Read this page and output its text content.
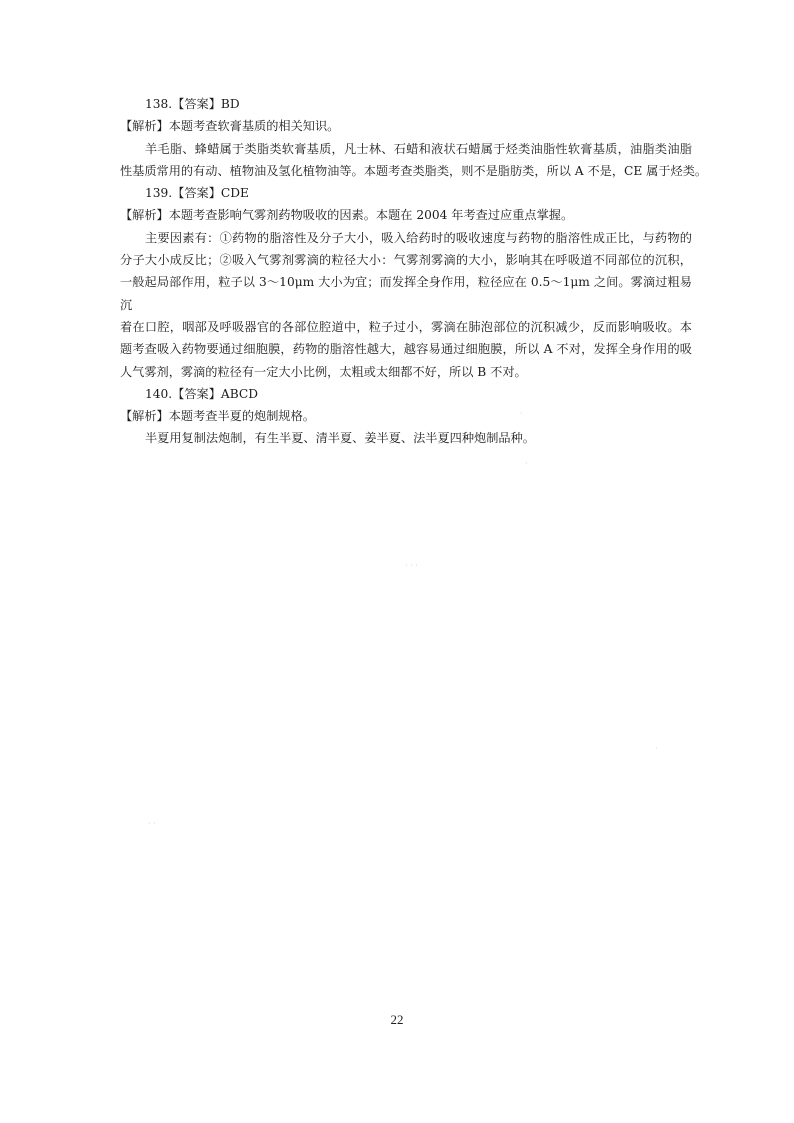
138.【答案】BD
【解析】本题考查软膏基质的相关知识。
羊毛脂、蜂蜡属于类脂类软膏基质，凡士林、石蜡和液状石蜡属于烃类油脂性软膏基质，油脂类油脂
性基质常用的有动、植物油及氢化植物油等。本题考查类脂类，则不是脂肪类，所以 A 不是，CE 属于烃类。
139.【答案】CDE
【解析】本题考查影响气雾剂药物吸收的因素。本题在 2004 年考查过应重点掌握。
主要因素有：①药物的脂溶性及分子大小，吸入给药时的吸收速度与药物的脂溶性成正比，与药物的
分子大小成反比；②吸入气雾剂雾滴的粒径大小：气雾剂雾滴的大小，影响其在呼吸道不同部位的沉积，
一般起局部作用，粒子以 3～10μm 大小为宜；而发挥全身作用，粒径应在 0.5～1μm 之间。雾滴过粗易沉
着在口腔，咽部及呼吸器官的各部位腔道中，粒子过小，雾滴在肺泡部位的沉积减少，反而影响吸收。本
题考查吸入药物要通过细胞膜，药物的脂溶性越大，越容易通过细胞膜，所以 A 不对，发挥全身作用的吸
人气雾剂，雾滴的粒径有一定大小比例，太粗或太细都不好，所以 B 不对。
140.【答案】ABCD
【解析】本题考查半夏的炮制规格。
半夏用复制法炮制，有生半夏、清半夏、姜半夏、法半夏四种炮制品种。
·
·
· · ·
·
· ·
22
